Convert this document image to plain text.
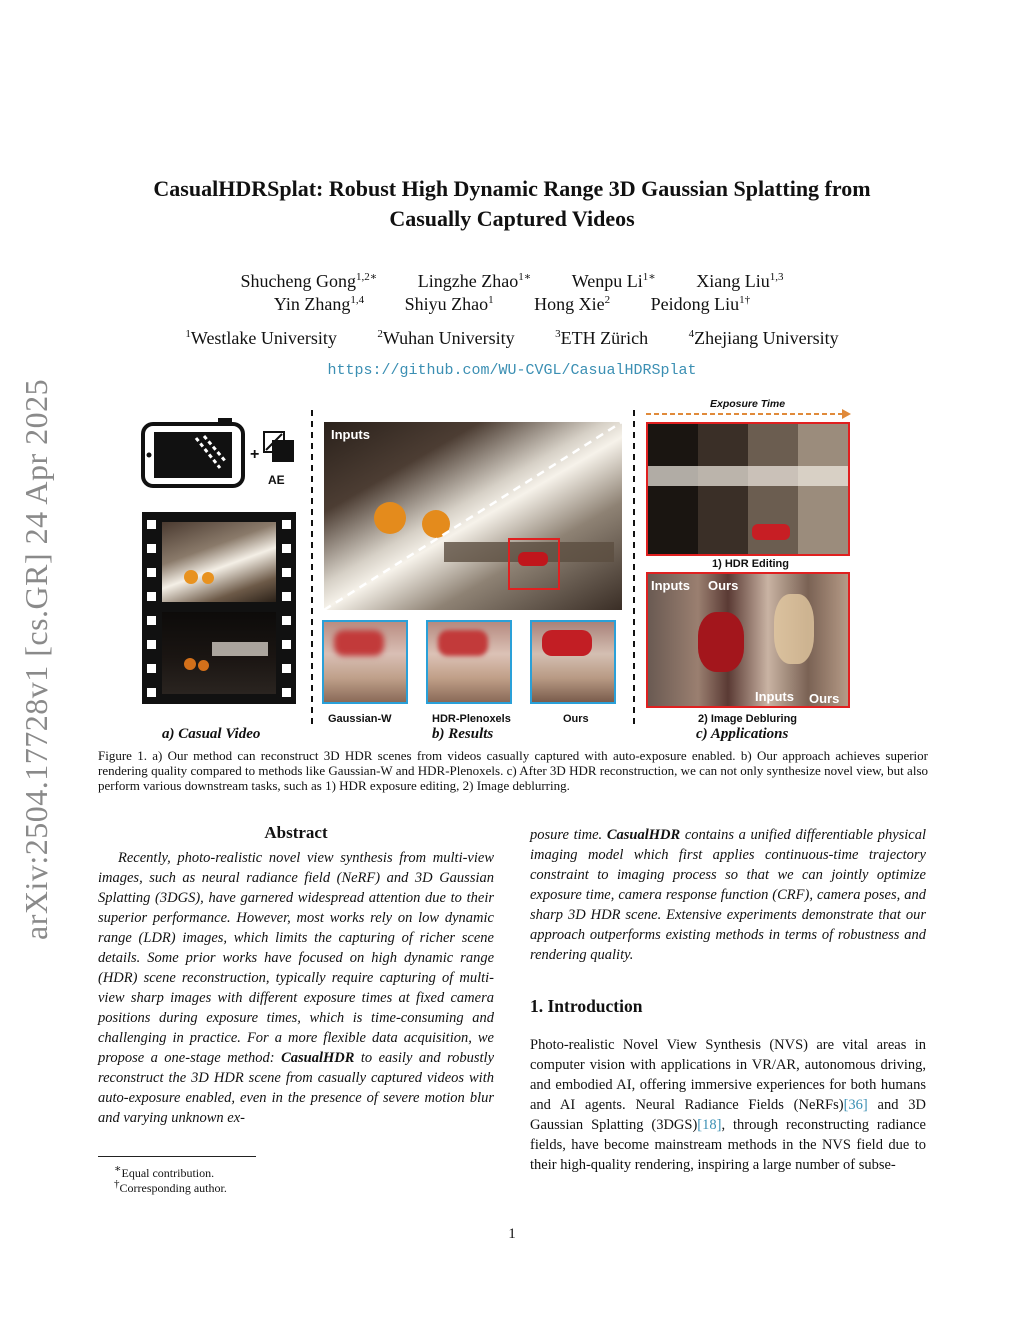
arXiv:2504.17728v1 [cs.GR] 24 Apr 2025
CasualHDRSplat: Robust High Dynamic Range 3D Gaussian Splatting from
Casually Captured Videos
Shucheng Gong$^{1,2∗}$ Lingzhe Zhao$^{1∗}$ Wenpu $Li^{1∗}$ Xiang Liu$^{1,3}$
Yin Zhang$^{1,4}$ Shiyu Zhao$^1$ Hong Xie$^2$ Peidong Liu$^{1\dagger}$
$^1$Westlake University	$^2$Wuhan University	$^3$ETH Zürich	$^4$Zhejiang University
https://github.com/WU-CVGL/CasualHDRSplat
+
AE
Inputs
Gaussian-W	HDR-Plenoxels	Ours
Exposure Time
1) HDR Editing
Inputs Ours
Inputs Ours
2) Image Debluring
a) Casual Video	b) Results	c) Applications
Figure 1. a) Our method can reconstruct 3D HDR scenes from videos casually captured with auto-exposure enabled. b) Our approach achieves superior rendering quality compared to methods like Gaussian-W and HDR-Plenoxels. c) After 3D HDR reconstruction, we can not only synthesize novel view, but also perform various downstream tasks, such as 1) HDR exposure editing, 2) Image deblurring.
Abstract
Recently, photo-realistic novel view synthesis from multi-view images, such as neural radiance field (NeRF) and 3D Gaussian Splatting (3DGS), have garnered widespread attention due to their superior performance. However, most works rely on low dynamic range (LDR) images, which limits the capturing of richer scene details. Some prior works have focused on high dynamic range (HDR) scene reconstruction, typically require capturing of multi-view sharp images with different exposure times at fixed camera positions during exposure times, which is time-consuming and challenging in practice. For a more flexible data acquisition, we propose a one-stage method: CasualHDR to easily and robustly reconstruct the 3D HDR scene from casually captured videos with auto-exposure enabled, even in the presence of severe motion blur and varying unknown ex-
posure time. CasualHDR contains a unified differentiable physical imaging model which first applies continuous-time trajectory constraint to imaging process so that we can jointly optimize exposure time, camera response function (CRF), camera poses, and sharp 3D HDR scene. Extensive experiments demonstrate that our approach outperforms existing methods in terms of robustness and rendering quality.
1. Introduction
Photo-realistic Novel View Synthesis (NVS) are vital areas in computer vision with applications in VR/AR, autonomous driving, and embodied AI, offering immersive experiences for both humans and AI agents. Neural Radiance Fields (NeRFs)[36] and 3D Gaussian Splatting (3DGS)[18], through reconstructing radiance fields, have become mainstream methods in the NVS field due to their high-quality rendering, inspiring a large number of subse-
∗Equal contribution.
†Corresponding author.
1
